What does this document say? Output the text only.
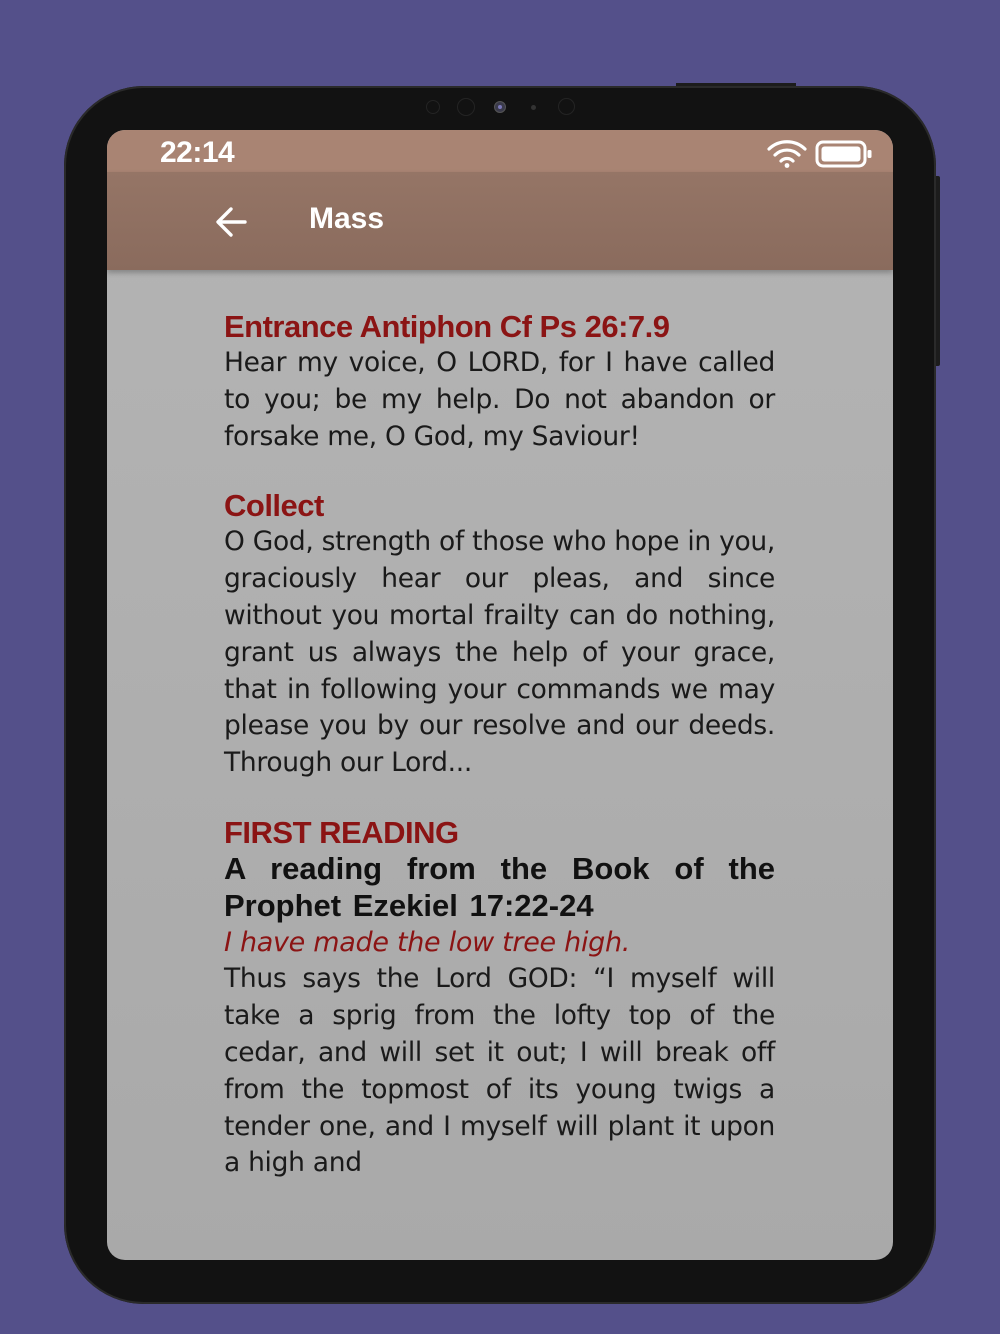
22:14
Mass
Entrance Antiphon Cf Ps 26:7.9
Hear my voice, O LORD, for I have called to you; be my help. Do not abandon or forsake me, O God, my Saviour!
Collect
O God, strength of those who hope in you, graciously hear our pleas, and since without you mortal frailty can do nothing, grant us always the help of your grace, that in following your commands we may please you by our resolve and our deeds. Through our Lord...
FIRST READING
A reading from the Book of the Prophet Ezekiel 17:22-24
I have made the low tree high.
Thus says the Lord GOD: “I myself will take a sprig from the lofty top of the cedar, and will set it out; I will break off from the topmost of its young twigs a tender one, and I myself will plant it upon a high and
